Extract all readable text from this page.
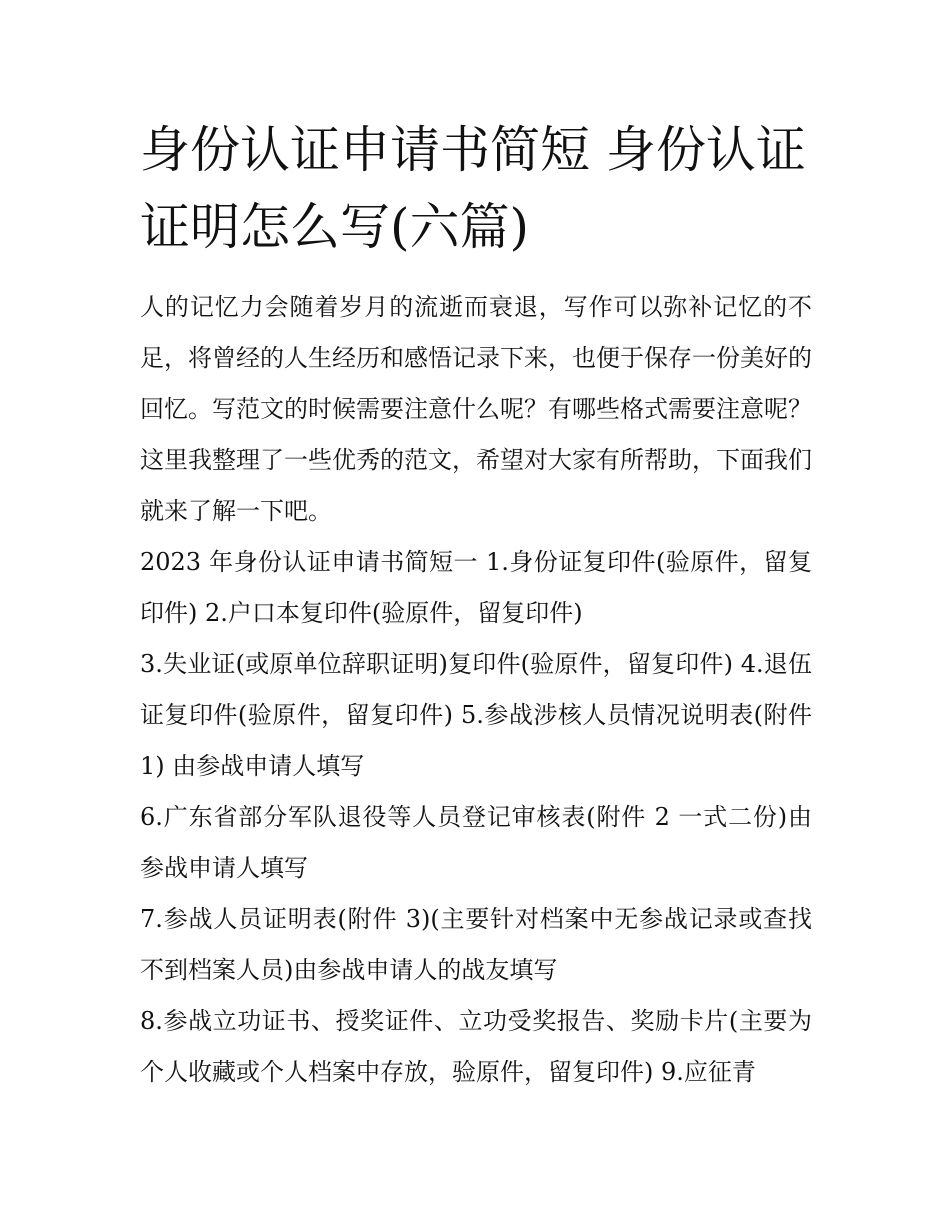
身份认证申请书简短 身份认证证明怎么写(六篇)

人的记忆力会随着岁月的流逝而衰退，写作可以弥补记忆的不足，将曾经的人生经历和感悟记录下来，也便于保存一份美好的回忆。写范文的时候需要注意什么呢？有哪些格式需要注意呢？这里我整理了一些优秀的范文，希望对大家有所帮助，下面我们就来了解一下吧。

2023 年身份认证申请书简短一 1.身份证复印件(验原件，留复印件) 2.户口本复印件(验原件，留复印件)

3.失业证(或原单位辞职证明)复印件(验原件，留复印件) 4.退伍证复印件(验原件，留复印件) 5.参战涉核人员情况说明表(附件 1) 由参战申请人填写

6.广东省部分军队退役等人员登记审核表(附件 2 一式二份)由参战申请人填写

7.参战人员证明表(附件 3)(主要针对档案中无参战记录或查找不到档案人员)由参战申请人的战友填写

8.参战立功证书、授奖证件、立功受奖报告、奖励卡片(主要为个人收藏或个人档案中存放，验原件，留复印件) 9.应征青
